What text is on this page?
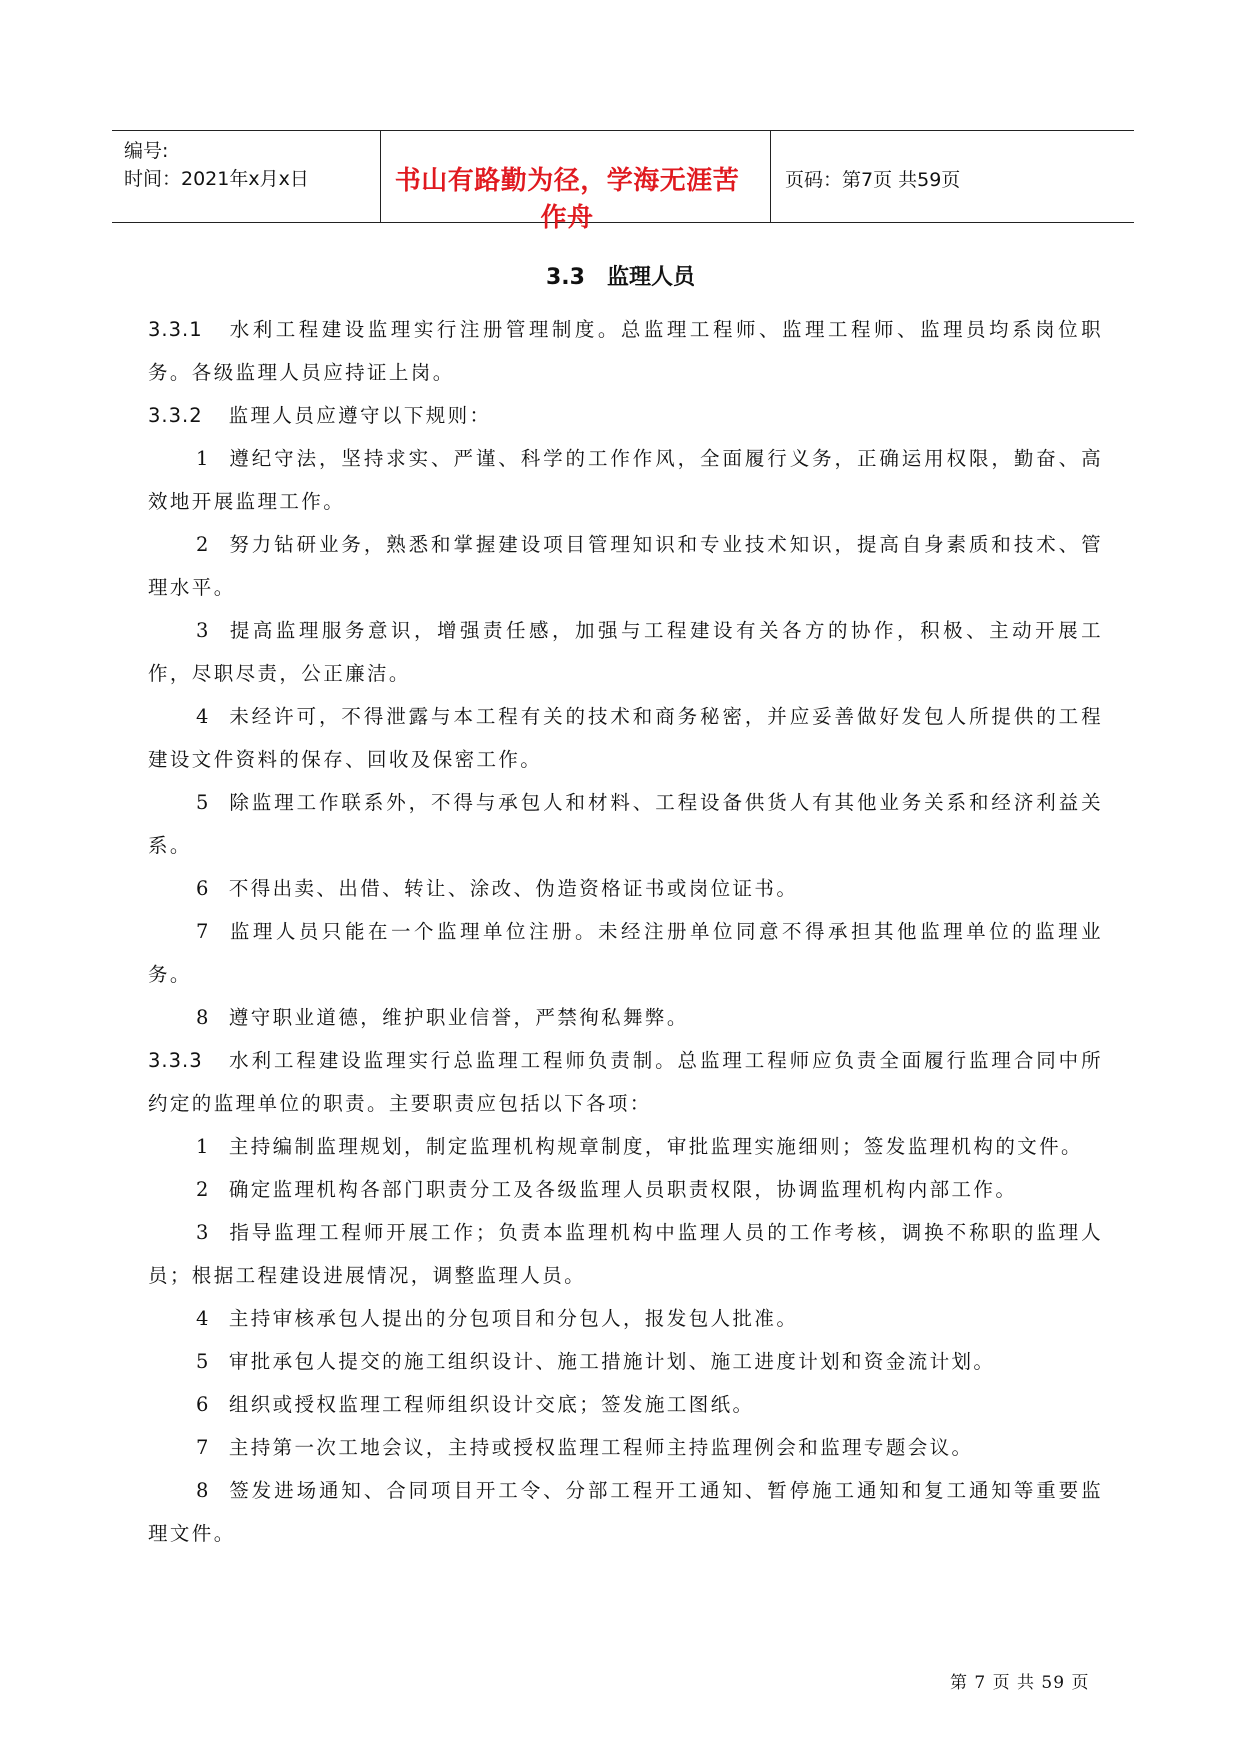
编号:
时间：2021年x月x日	书山有路勤为径，学海无涯苦作舟
页码：第7页 共59页
3.3 监理人员

3.3.1 水利工程建设监理实行注册管理制度。总监理工程师、监理工程师、监理员均系岗位职务。各级监理人员应持证上岗。

3.3.2 监理人员应遵守以下规则：

1 遵纪守法，坚持求实、严谨、科学的工作作风，全面履行义务，正确运用权限，勤奋、高效地开展监理工作。

2 努力钻研业务，熟悉和掌握建设项目管理知识和专业技术知识，提高自身素质和技术、管理水平。

3 提高监理服务意识，增强责任感，加强与工程建设有关各方的协作，积极、主动开展工作，尽职尽责，公正廉洁。

4 未经许可，不得泄露与本工程有关的技术和商务秘密，并应妥善做好发包人所提供的工程建设文件资料的保存、回收及保密工作。

5 除监理工作联系外，不得与承包人和材料、工程设备供货人有其他业务关系和经济利益关系。

6 不得出卖、出借、转让、涂改、伪造资格证书或岗位证书。

7 监理人员只能在一个监理单位注册。未经注册单位同意不得承担其他监理单位的监理业务。

8 遵守职业道德，维护职业信誉，严禁徇私舞弊。

3.3.3 水利工程建设监理实行总监理工程师负责制。总监理工程师应负责全面履行监理合同中所约定的监理单位的职责。主要职责应包括以下各项：

1 主持编制监理规划，制定监理机构规章制度，审批监理实施细则；签发监理机构的文件。

2 确定监理机构各部门职责分工及各级监理人员职责权限，协调监理机构内部工作。

3 指导监理工程师开展工作；负责本监理机构中监理人员的工作考核，调换不称职的监理人员；根据工程建设进展情况，调整监理人员。

4 主持审核承包人提出的分包项目和分包人，报发包人批准。

5 审批承包人提交的施工组织设计、施工措施计划、施工进度计划和资金流计划。

6 组织或授权监理工程师组织设计交底；签发施工图纸。

7 主持第一次工地会议，主持或授权监理工程师主持监理例会和监理专题会议。

8 签发进场通知、合同项目开工令、分部工程开工通知、暂停施工通知和复工通知等重要监理文件。

第 7 页 共 59 页
